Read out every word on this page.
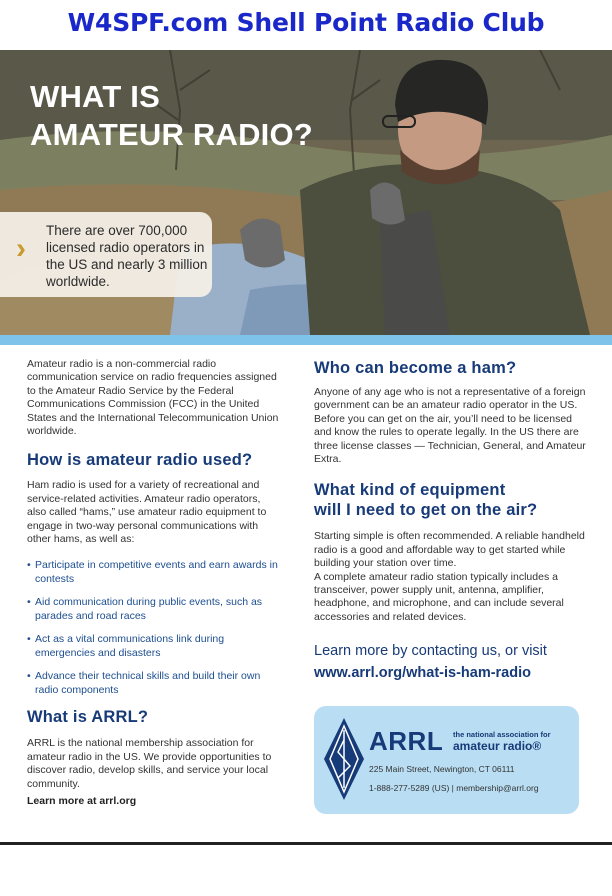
W4SPF.com Shell Point Radio Club
WHAT IS
AMATEUR RADIO?
›
There are over 700,000 licensed radio operators in the US and nearly 3 million worldwide.

Amateur radio is a non-commercial radio communication service on radio frequencies assigned to the Amateur Radio Service by the Federal Communications Commission (FCC) in the United States and the International Telecommunication Union worldwide.

How is amateur radio used?

Ham radio is used for a variety of recreational and service-related activities. Amateur radio operators, also called “hams,” use amateur radio equipment to engage in two-way personal communications with other hams, as well as:

• Participate in competitive events and earn awards in contests
• Aid communication during public events, such as parades and road races
• Act as a vital communications link during emergencies and disasters
• Advance their technical skills and build their own radio components
What is ARRL?

ARRL is the national membership association for amateur radio in the US. We provide opportunities to discover radio, develop skills, and service your local community.

Learn more at arrl.org

Who can become a ham?

Anyone of any age who is not a representative of a foreign government can be an amateur radio operator in the US. Before you can get on the air, you’ll need to be licensed and know the rules to operate legally. In the US there are three license classes — Technician, General, and Amateur Extra.

What kind of equipment
will I need to get on the air?

Starting simple is often recommended. A reliable handheld radio is a good and affordable way to get started while building your station over time.

A complete amateur radio station typically includes a transceiver, power supply unit, antenna, amplifier, headphone, and microphone, and can include several accessories and related devices.

Learn more by contacting us, or visit
www.arrl.org/what-is-ham-radio
ARRL the national association for
amateur radio®
225 Main Street, Newington, CT 06111
1-888-277-5289 (US) | membership@arrl.org
